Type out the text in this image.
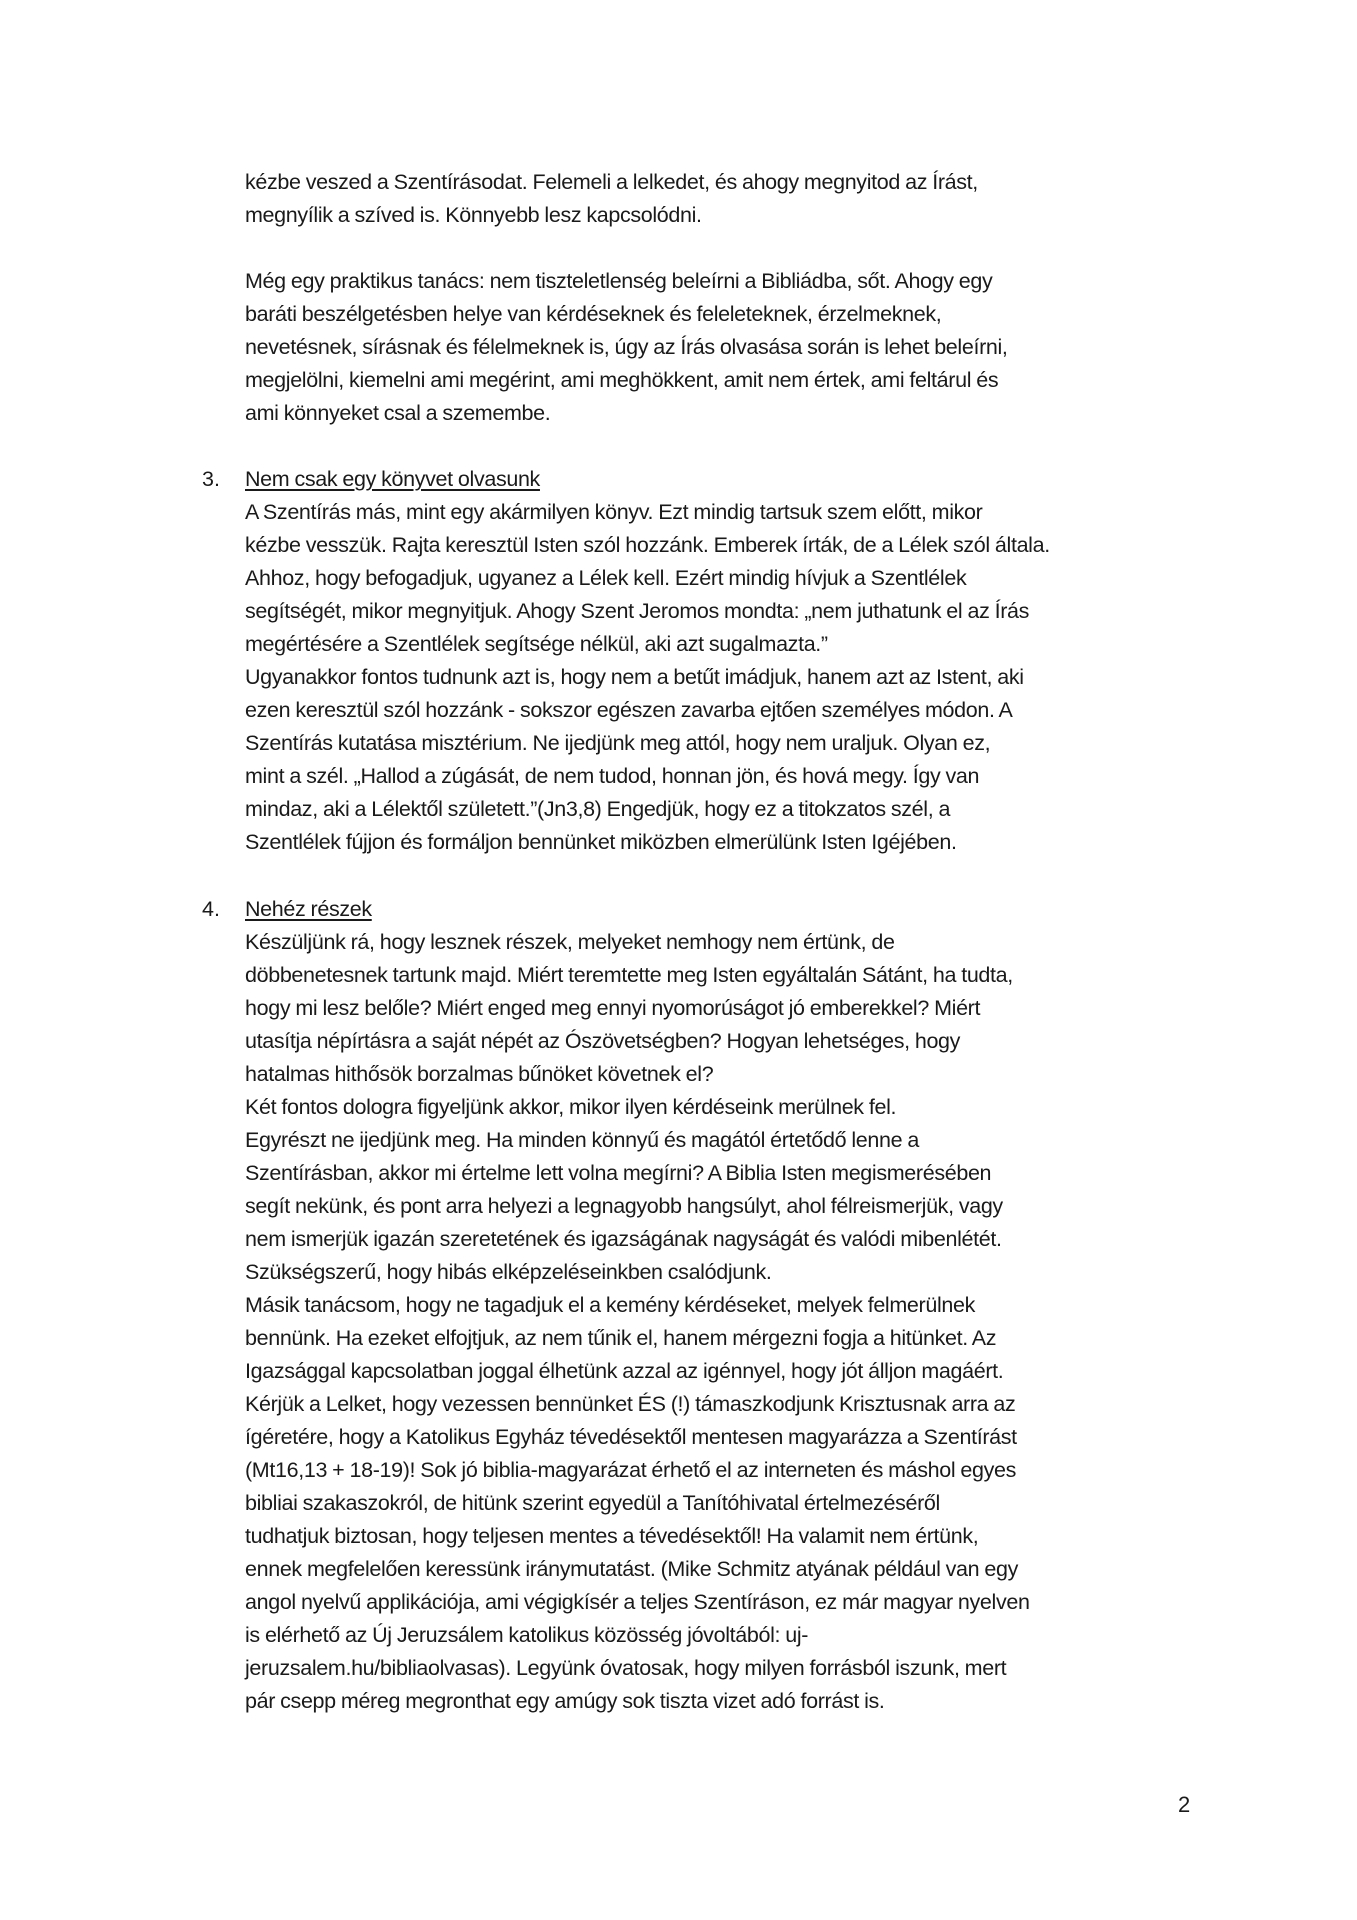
kézbe veszed a Szentírásodat. Felemeli a lelkedet, és ahogy megnyitod az Írást,
megnyílik a szíved is. Könnyebb lesz kapcsolódni.
Még egy praktikus tanács: nem tiszteletlenség beleírni a Bibliádba, sőt. Ahogy egy
baráti beszélgetésben helye van kérdéseknek és feleleteknek, érzelmeknek,
nevetésnek, sírásnak és félelmeknek is, úgy az Írás olvasása során is lehet beleírni,
megjelölni, kiemelni ami megérint, ami meghökkent, amit nem értek, ami feltárul és
ami könnyeket csal a szemembe.
3. Nem csak egy könyvet olvasunk
A Szentírás más, mint egy akármilyen könyv. Ezt mindig tartsuk szem előtt, mikor
kézbe vesszük. Rajta keresztül Isten szól hozzánk. Emberek írták, de a Lélek szól általa.
Ahhoz, hogy befogadjuk, ugyanez a Lélek kell. Ezért mindig hívjuk a Szentlélek
segítségét, mikor megnyitjuk. Ahogy Szent Jeromos mondta: „nem juthatunk el az Írás
megértésére a Szentlélek segítsége nélkül, aki azt sugalmazta.”
Ugyanakkor fontos tudnunk azt is, hogy nem a betűt imádjuk, hanem azt az Istent, aki
ezen keresztül szól hozzánk - sokszor egészen zavarba ejtően személyes módon. A
Szentírás kutatása misztérium. Ne ijedjünk meg attól, hogy nem uraljuk. Olyan ez,
mint a szél. „Hallod a zúgását, de nem tudod, honnan jön, és hová megy. Így van
mindaz, aki a Lélektől született.”(Jn3,8) Engedjük, hogy ez a titokzatos szél, a
Szentlélek fújjon és formáljon bennünket miközben elmerülünk Isten Igéjében.
4. Nehéz részek
Készüljünk rá, hogy lesznek részek, melyeket nemhogy nem értünk, de
döbbenetesnek tartunk majd. Miért teremtette meg Isten egyáltalán Sátánt, ha tudta,
hogy mi lesz belőle? Miért enged meg ennyi nyomorúságot jó emberekkel? Miért
utasítja népírtásra a saját népét az Ószövetségben? Hogyan lehetséges, hogy
hatalmas hithősök borzalmas bűnöket követnek el?
Két fontos dologra figyeljünk akkor, mikor ilyen kérdéseink merülnek fel.
Egyrészt ne ijedjünk meg. Ha minden könnyű és magától értetődő lenne a
Szentírásban, akkor mi értelme lett volna megírni? A Biblia Isten megismerésében
segít nekünk, és pont arra helyezi a legnagyobb hangsúlyt, ahol félreismerjük, vagy
nem ismerjük igazán szeretetének és igazságának nagyságát és valódi mibenlétét.
Szükségszerű, hogy hibás elképzeléseinkben csalódjunk.
Másik tanácsom, hogy ne tagadjuk el a kemény kérdéseket, melyek felmerülnek
bennünk. Ha ezeket elfojtjuk, az nem tűnik el, hanem mérgezni fogja a hitünket. Az
Igazsággal kapcsolatban joggal élhetünk azzal az igénnyel, hogy jót álljon magáért.
Kérjük a Lelket, hogy vezessen bennünket ÉS (!) támaszkodjunk Krisztusnak arra az
ígéretére, hogy a Katolikus Egyház tévedésektől mentesen magyarázza a Szentírást
(Mt16,13 + 18-19)! Sok jó biblia-magyarázat érhető el az interneten és máshol egyes
bibliai szakaszokról, de hitünk szerint egyedül a Tanítóhivatal értelmezéséről
tudhatjuk biztosan, hogy teljesen mentes a tévedésektől! Ha valamit nem értünk,
ennek megfelelően keressünk iránymutatást. (Mike Schmitz atyának például van egy
angol nyelvű applikációja, ami végigkísér a teljes Szentíráson, ez már magyar nyelven
is elérhető az Új Jeruzsálem katolikus közösség jóvoltából: uj-
jeruzsalem.hu/bibliaolvasas). Legyünk óvatosak, hogy milyen forrásból iszunk, mert
pár csepp méreg megronthat egy amúgy sok tiszta vizet adó forrást is.
2
